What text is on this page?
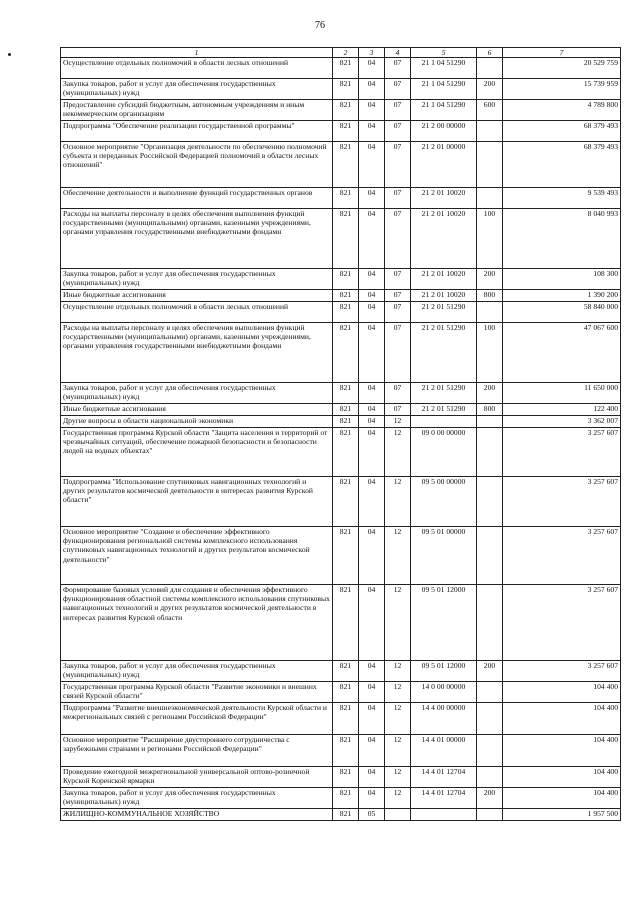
76
1	2	3	4	5	6	7
Осуществление отдельных полномочий в области лесных отношений	821	04	07	21 1 04 51290		20 529 759
Закупка товаров, работ и услуг для обеспечения государственных (муниципальных) нужд	821	04	07	21 1 04 51290	200	15 739 959
Предоставление субсидий бюджетным, автономным учреждениям и иным некоммерческим организациям	821	04	07	21 1 04 51290	600	4 789 800
Подпрограмма "Обеспечение реализации государственной программы"	821	04	07	21 2 00 00000		68 379 493
Основное мероприятие "Организация деятельности по обеспечению полномочий субъекта и переданных Российской Федерацией полномочий в области лесных отношений"	821	04	07	21 2 01 00000		68 379 493
Обеспечение деятельности и выполнение функций государственных органов	821	04	07	21 2 01 10020		9 539 493
Расходы на выплаты персоналу в целях обеспечения выполнения функций государственными (муниципальными) органами, казенными учреждениями, органами управления государственными внебюджетными фондами	821	04	07	21 2 01 10020	100	8 040 993
Закупка товаров, работ и услуг для обеспечения государственных (муниципальных) нужд	821	04	07	21 2 01 10020	200	108 300
Иные бюджетные ассигнования	821	04	07	21 2 01 10020	800	1 390 200
Осуществление отдельных полномочий в области лесных отношений	821	04	07	21 2 01 51290		58 840 000
Расходы на выплаты персоналу в целях обеспечения выполнения функций государственными (муниципальными) органами, казенными учреждениями, органами управления государственными внебюджетными фондами	821	04	07	21 2 01 51290	100	47 067 600
Закупка товаров, работ и услуг для обеспечения государственных (муниципальных) нужд	821	04	07	21 2 01 51290	200	11 650 000
Иные бюджетные ассигнования	821	04	07	21 2 01 51290	800	122 400
Другие вопросы в области национальной экономики	821	04	12			3 362 007
Государственная программа Курской области "Защита населения и территорий от чрезвычайных ситуаций, обеспечение пожарной безопасности и безопасности людей на водных объектах"	821	04	12	09 0 00 00000		3 257 607
Подпрограмма "Использование спутниковых навигационных технологий и других результатов космической деятельности в интересах развития Курской области"	821	04	12	09 5 00 00000		3 257 607
Основное мероприятие "Создание и обеспечение эффективного функционирования региональной системы комплексного использования спутниковых навигационных технологий и других результатов космической деятельности"	821	04	12	09 5 01 00000		3 257 607
Формирование базовых условий для создания и обеспечения эффективного функционирования областной системы комплексного использования спутниковых навигационных технологий и других результатов космической деятельности в интересах развития Курской области	821	04	12	09 5 01 12000		3 257 607
Закупка товаров, работ и услуг для обеспечения государственных (муниципальных) нужд	821	04	12	09 5 01 12000	200	3 257 607
Государственная программа Курской области "Развитие экономики и внешних связей Курской области"	821	04	12	14 0 00 00000		104 400
Подпрограмма "Развитие внешнеэкономической деятельности Курской области и межрегиональных связей с регионами Российской Федерации"	821	04	12	14 4 00 00000		104 400
Основное мероприятие "Расширение двустороннего сотрудничества с зарубежными странами и регионами Российской Федерации"	821	04	12	14 4 01 00000		104 400
Проведение ежегодной межрегиональной универсальной оптово-розничной Курской Коренской ярмарки	821	04	12	14 4 01 12704		104 400
Закупка товаров, работ и услуг для обеспечения государственных (муниципальных) нужд	821	04	12	14 4 01 12704	200	104 400
ЖИЛИЩНО-КОММУНАЛЬНОЕ ХОЗЯЙСТВО	821	05				1 957 500
